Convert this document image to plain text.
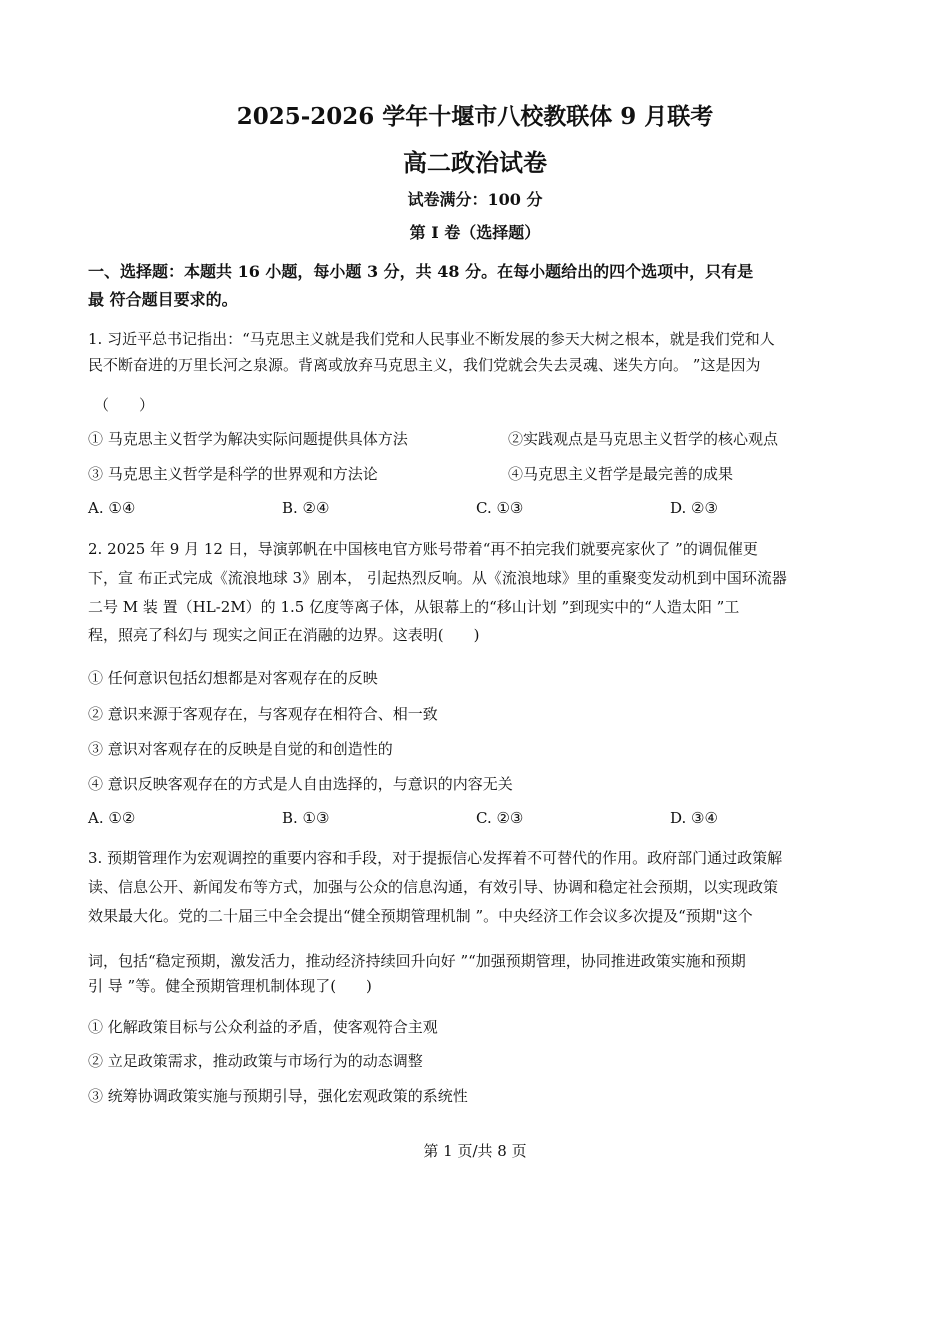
2025-2026 学年十堰市八校教联体 9 月联考
高二政治试卷
试卷满分：100 分
第 I 卷（选择题）
一、选择题：本题共 16 小题，每小题 3 分，共 48 分。在每小题给出的四个选项中，只有是
最 符合题目要求的。
1. 习近平总书记指出：“马克思主义就是我们党和人民事业不断发展的参天大树之根本，就是我们党和人
民不断奋进的万里长河之泉源。背离或放弃马克思主义，我们党就会失去灵魂、迷失方向。 ”这是因为
（　　）
① 马克思主义哲学为解决实际问题提供具体方法	②实践观点是马克思主义哲学的核心观点
③ 马克思主义哲学是科学的世界观和方法论	④马克思主义哲学是最完善的成果
A. ①④	B. ②④	C. ①③	D. ②③
2. 2025 年 9 月 12 日，导演郭帆在中国核电官方账号带着“再不拍完我们就要亮家伙了 ”的调侃催更
下，宣 布正式完成《流浪地球 3》剧本， 引起热烈反响。从《流浪地球》里的重聚变发动机到中国环流器
二号 M 装 置（HL-2M）的 1.5 亿度等离子体，从银幕上的“移山计划 ”到现实中的“人造太阳 ”工
程，照亮了科幻与 现实之间正在消融的边界。这表明(　　)
① 任何意识包括幻想都是对客观存在的反映
② 意识来源于客观存在，与客观存在相符合、相一致
③ 意识对客观存在的反映是自觉的和创造性的
④ 意识反映客观存在的方式是人自由选择的，与意识的内容无关
A. ①②	B. ①③	C. ②③	D. ③④
3. 预期管理作为宏观调控的重要内容和手段，对于提振信心发挥着不可替代的作用。政府部门通过政策解
读、信息公开、新闻发布等方式，加强与公众的信息沟通，有效引导、协调和稳定社会预期，以实现政策
效果最大化。党的二十届三中全会提出“健全预期管理机制 ”。中央经济工作会议多次提及“预期"这个
词，包括“稳定预期，激发活力，推动经济持续回升向好 ”“加强预期管理，协同推进政策实施和预期
引 导 ”等。健全预期管理机制体现了(　　)
① 化解政策目标与公众利益的矛盾，使客观符合主观
② 立足政策需求，推动政策与市场行为的动态调整
③ 统筹协调政策实施与预期引导，强化宏观政策的系统性
第 1 页/共 8 页
